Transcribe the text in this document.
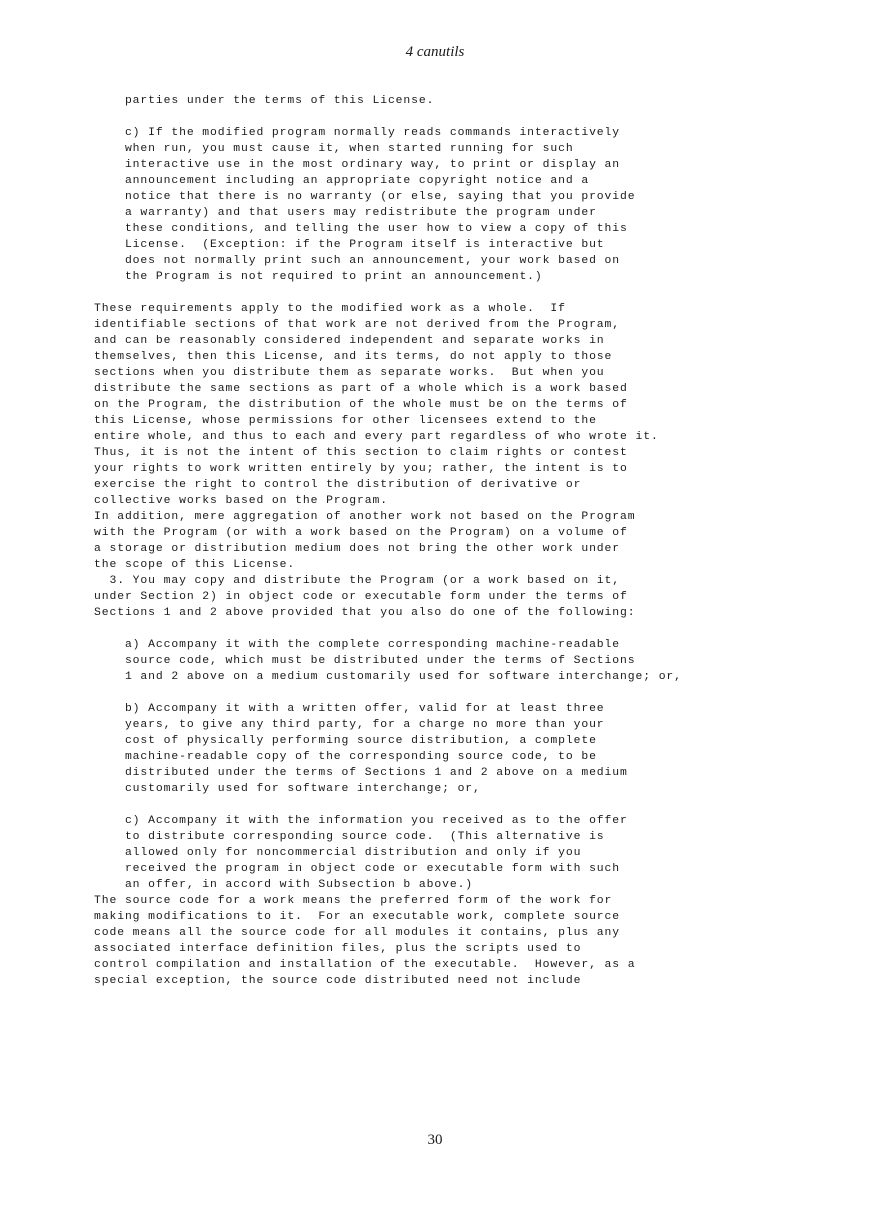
4 canutils
parties under the terms of this License.

c) If the modified program normally reads commands interactively
when run, you must cause it, when started running for such
interactive use in the most ordinary way, to print or display an
announcement including an appropriate copyright notice and a
notice that there is no warranty (or else, saying that you provide
a warranty) and that users may redistribute the program under
these conditions, and telling the user how to view a copy of this
License.  (Exception: if the Program itself is interactive but
does not normally print such an announcement, your work based on
the Program is not required to print an announcement.)

These requirements apply to the modified work as a whole.  If
identifiable sections of that work are not derived from the Program,
and can be reasonably considered independent and separate works in
themselves, then this License, and its terms, do not apply to those
sections when you distribute them as separate works.  But when you
distribute the same sections as part of a whole which is a work based
on the Program, the distribution of the whole must be on the terms of
this License, whose permissions for other licensees extend to the
entire whole, and thus to each and every part regardless of who wrote it.

Thus, it is not the intent of this section to claim rights or contest
your rights to work written entirely by you; rather, the intent is to
exercise the right to control the distribution of derivative or
collective works based on the Program.

In addition, mere aggregation of another work not based on the Program
with the Program (or with a work based on the Program) on a volume of
a storage or distribution medium does not bring the other work under
the scope of this License.

3. You may copy and distribute the Program (or a work based on it,
under Section 2) in object code or executable form under the terms of
Sections 1 and 2 above provided that you also do one of the following:

a) Accompany it with the complete corresponding machine-readable
source code, which must be distributed under the terms of Sections
1 and 2 above on a medium customarily used for software interchange; or,

b) Accompany it with a written offer, valid for at least three
years, to give any third party, for a charge no more than your
cost of physically performing source distribution, a complete
machine-readable copy of the corresponding source code, to be
distributed under the terms of Sections 1 and 2 above on a medium
customarily used for software interchange; or,

c) Accompany it with the information you received as to the offer
to distribute corresponding source code.  (This alternative is
allowed only for noncommercial distribution and only if you
received the program in object code or executable form with such
an offer, in accord with Subsection b above.)

The source code for a work means the preferred form of the work for
making modifications to it.  For an executable work, complete source
code means all the source code for all modules it contains, plus any
associated interface definition files, plus the scripts used to
control compilation and installation of the executable.  However, as a
special exception, the source code distributed need not include
30
